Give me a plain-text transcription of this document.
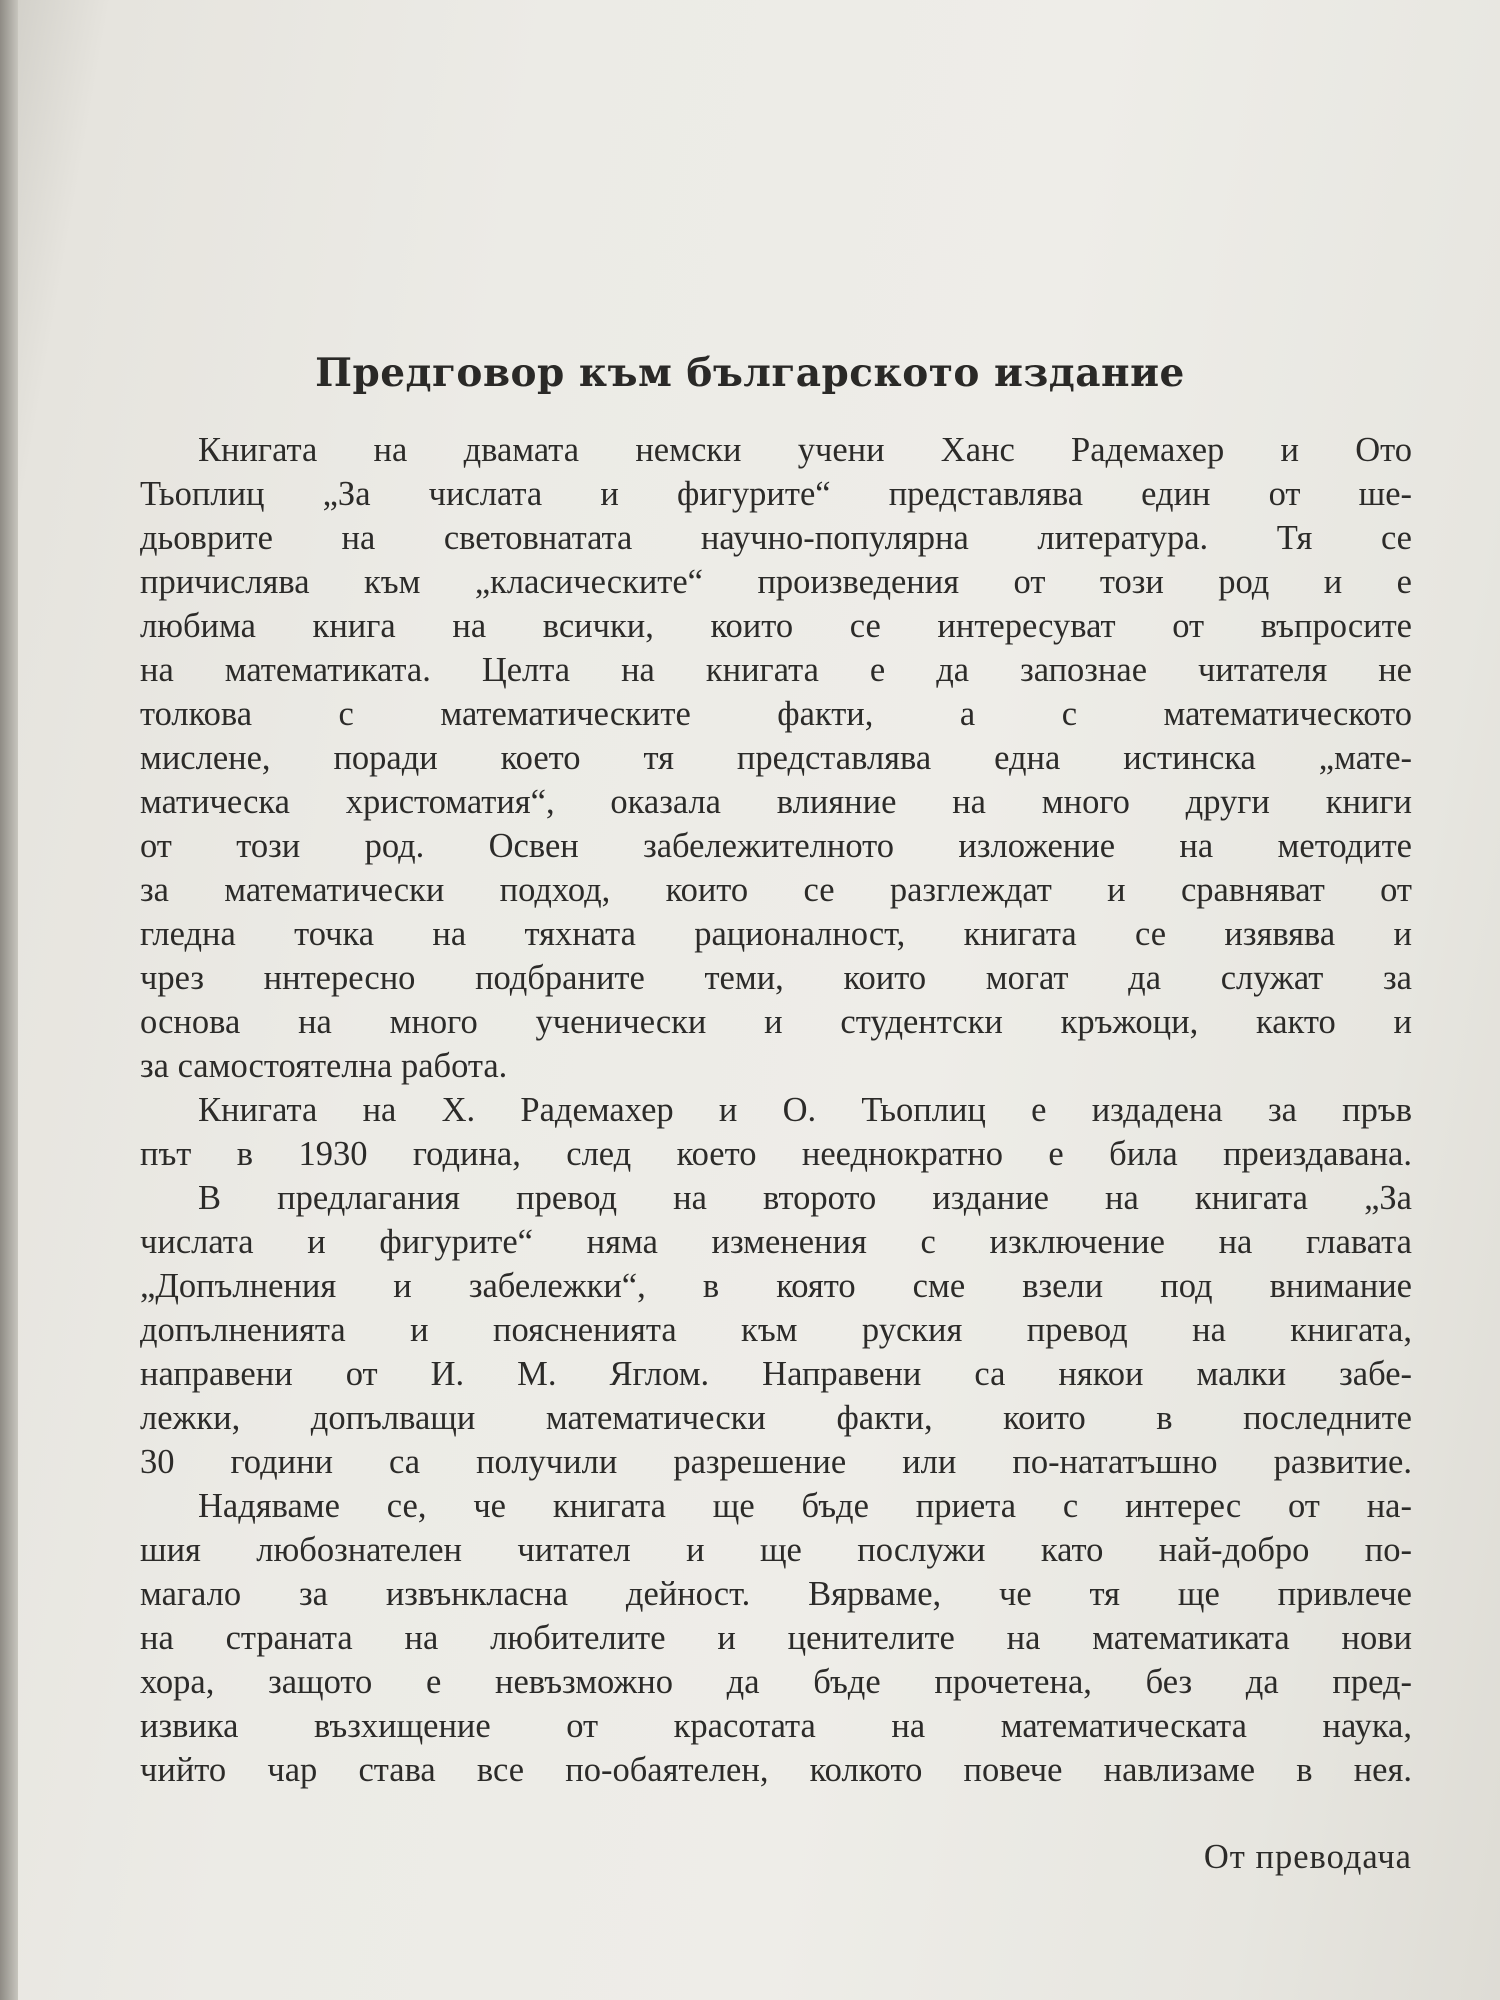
Предговор към българското издание
Книгата на двамата немски учени Ханс Радемахер и Ото
Тьоплиц „За числата и фигурите“ представлява един от ше-
дьоврите на световнатата научно-популярна литература. Тя се
причислява към „класическите“ произведения от този род и е
любима книга на всички, които се интересуват от въпросите
на математиката. Целта на книгата е да запознае читателя не
толкова с математическите факти, а с математическото
мислене, поради което тя представлява една истинска „мате-
матическа христоматия“, оказала влияние на много други книги
от този род. Освен забележителното изложение на методите
за математически подход, които се разглеждат и сравняват от
гледна точка на тяхната рационалност, книгата се изявява и
чрез ннтересно подбраните теми, които могат да служат за
основа на много ученически и студентски кръжоци, както и
за самостоятелна работа.
Книгата на Х. Радемахер и О. Тьоплиц е издадена за пръв
път в 1930 година, след което нееднократно е била преиздавана.
В предлагания превод на второто издание на книгата „За
числата и фигурите“ няма изменения с изключение на главата
„Допълнения и забележки“, в която сме взели под внимание
допълненията и поясненията към руския превод на книгата,
направени от И. М. Яглом. Направени са някои малки забе-
лежки, допълващи математически факти, които в последните
30 години са получили разрешение или по-нататъшно развитие.
Надяваме се, че книгата ще бъде приета с интерес от на-
шия любознателен читател и ще послужи като най-добро по-
магало за извънкласна дейност. Вярваме, че тя ще привлече
на страната на любителите и ценителите на математиката нови
хора, защото е невъзможно да бъде прочетена, без да пред-
извика възхищение от красотата на математическата наука,
чийто чар става все по-обаятелен, колкото повече навлизаме в нея.
От преводача
